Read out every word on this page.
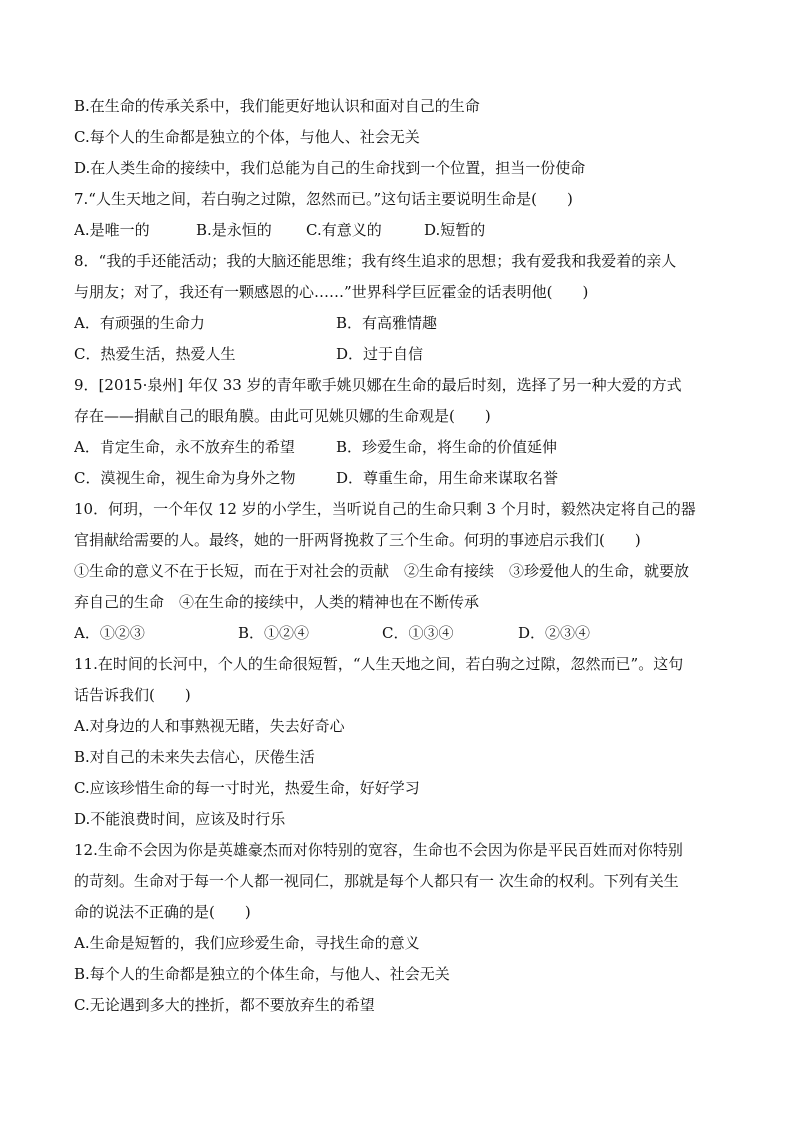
B.在生命的传承关系中，我们能更好地认识和面对自己的生命
C.每个人的生命都是独立的个体，与他人、社会无关
D.在人类生命的接续中，我们总能为自己的生命找到一个位置，担当一份使命
7.“人生天地之间，若白驹之过隙，忽然而已。”这句话主要说明生命是(　　)
A.是唯一的	B.是永恒的	C.有意义的	D.短暂的
8．“我的手还能活动；我的大脑还能思维；我有终生追求的思想；我有爱我和我爱着的亲人
与朋友；对了，我还有一颗感恩的心……”世界科学巨匠霍金的话表明他(　　)
A．有顽强的生命力	B．有高雅情趣
C．热爱生活，热爱人生	D．过于自信
9．[2015·泉州] 年仅 33 岁的青年歌手姚贝娜在生命的最后时刻，选择了另一种大爱的方式
存在——捐献自己的眼角膜。由此可见姚贝娜的生命观是(　　)
A．肯定生命，永不放弃生的希望	B．珍爱生命，将生命的价值延伸
C．漠视生命，视生命为身外之物	D．尊重生命，用生命来谋取名誉
10．何玥，一个年仅 12 岁的小学生，当听说自己的生命只剩 3 个月时，毅然决定将自己的器
官捐献给需要的人。最终，她的一肝两肾挽救了三个生命。何玥的事迹启示我们(　　)
①生命的意义不在于长短，而在于对社会的贡献　②生命有接续　③珍爱他人的生命，就要放
弃自己的生命　④在生命的接续中，人类的精神也在不断传承
A．①②③	B．①②④	C．①③④	D．②③④
11.在时间的长河中，个人的生命很短暂，“人生天地之间，若白驹之过隙，忽然而已”。这句
话告诉我们(　　)
A.对身边的人和事熟视无睹，失去好奇心
B.对自己的未来失去信心，厌倦生活
C.应该珍惜生命的每一寸时光，热爱生命，好好学习
D.不能浪费时间，应该及时行乐
12.生命不会因为你是英雄豪杰而对你特别的宽容，生命也不会因为你是平民百姓而对你特别
的苛刻。生命对于每一个人都一视同仁，那就是每个人都只有一 次生命的权利。下列有关生
命的说法不正确的是(　　)
A.生命是短暂的，我们应珍爱生命，寻找生命的意义
B.每个人的生命都是独立的个体生命，与他人、社会无关
C.无论遇到多大的挫折，都不要放弃生的希望
